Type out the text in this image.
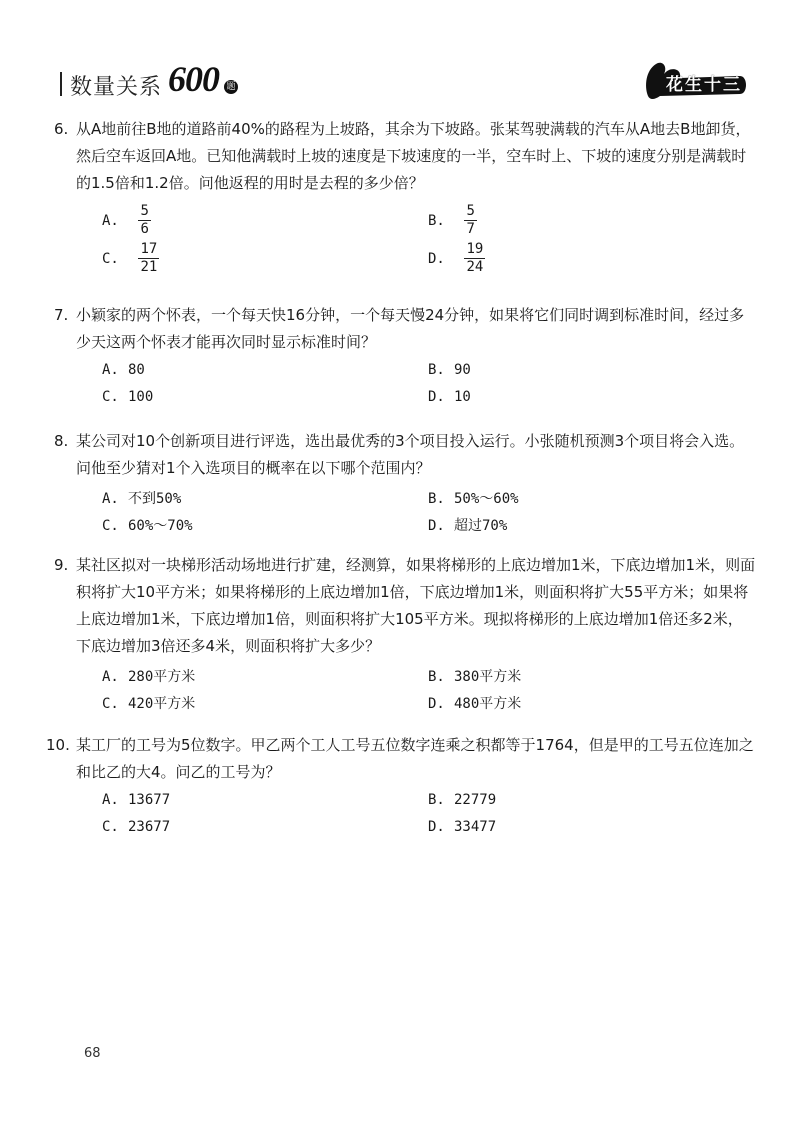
数量关系 600 题	花生十三

6. 从A地前往B地的道路前40%的路程为上坡路，其余为下坡路。张某驾驶满载的汽车从A地去B地卸货，然后空车返回A地。已知他满载时上坡的速度是下坡速度的一半，空车时上、下坡的速度分别是满载时的1.5倍和1.2倍。问他返程的用时是去程的多少倍？

A. $\frac{5}{6}$	B. $\frac{5}{7}$
C. $\frac{17}{21}$	D. $\frac{19}{24}$

7. 小颖家的两个怀表，一个每天快16分钟，一个每天慢24分钟，如果将它们同时调到标准时间，经过多少天这两个怀表才能再次同时显示标准时间？

A. 80	B. 90
C. 100	D. 10

8. 某公司对10个创新项目进行评选，选出最优秀的3个项目投入运行。小张随机预测3个项目将会入选。问他至少猜对1个入选项目的概率在以下哪个范围内？

A. 不到50%	B. 50%～60%
C. 60%～70%	D. 超过70%

9. 某社区拟对一块梯形活动场地进行扩建，经测算，如果将梯形的上底边增加1米，下底边增加1米，则面积将扩大10平方米；如果将梯形的上底边增加1倍，下底边增加1米，则面积将扩大55平方米；如果将上底边增加1米，下底边增加1倍，则面积将扩大105平方米。现拟将梯形的上底边增加1倍还多2米，下底边增加3倍还多4米，则面积将扩大多少？

A. 280平方米	B. 380平方米
C. 420平方米	D. 480平方米

10. 某工厂的工号为5位数字。甲乙两个工人工号五位数字连乘之积都等于1764，但是甲的工号五位连加之和比乙的大4。问乙的工号为？

A. 13677	B. 22779
C. 23677	D. 33477
68
